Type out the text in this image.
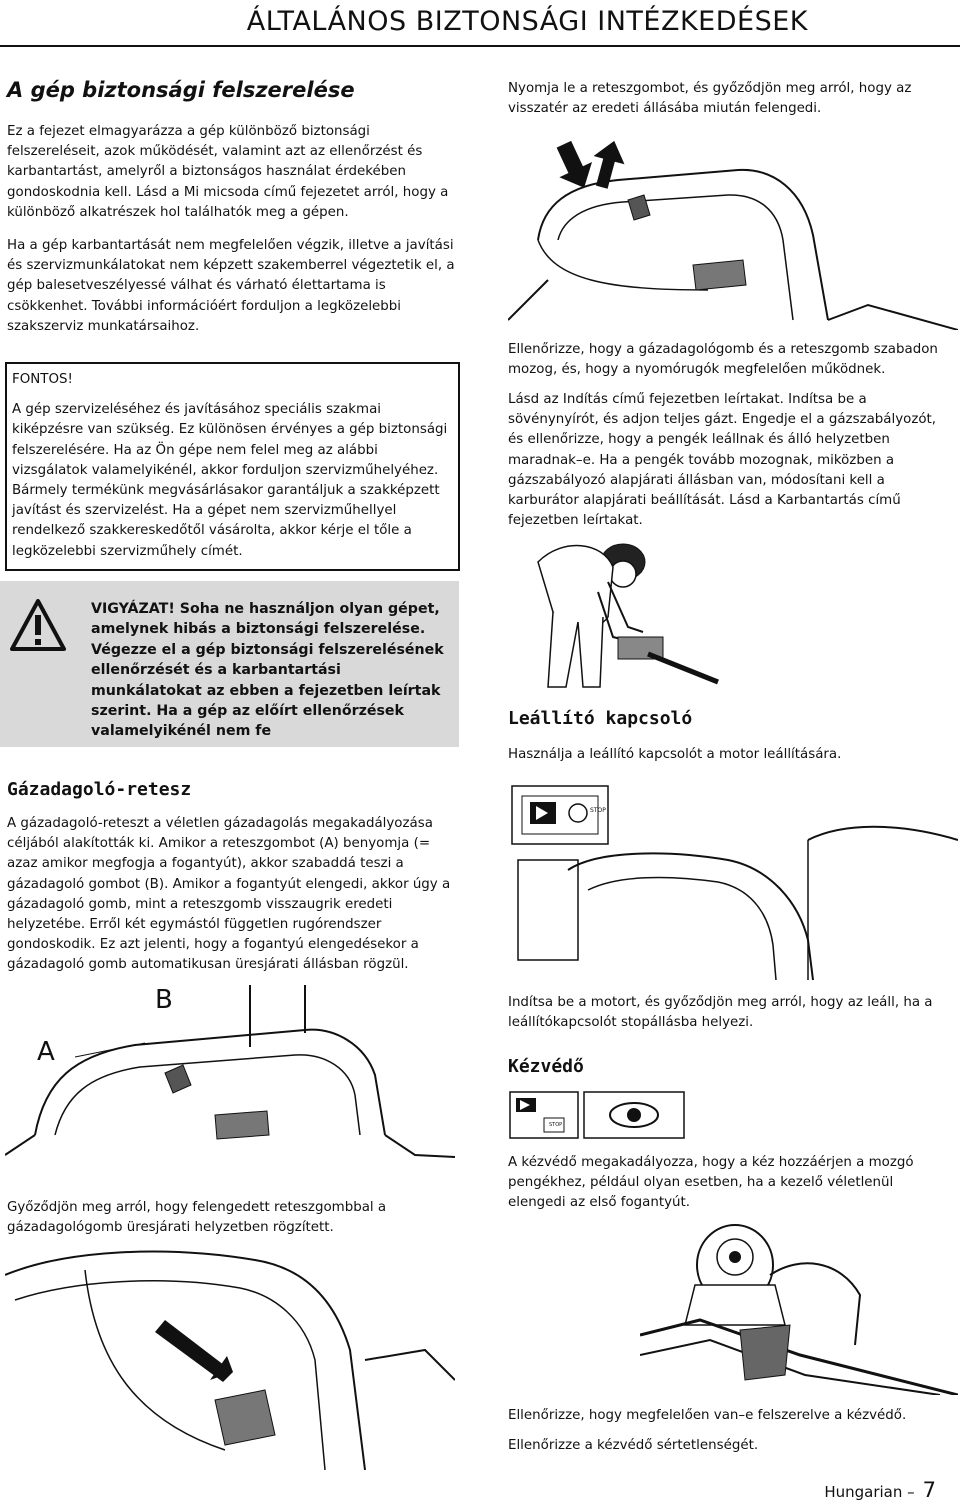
ÁLTALÁNOS BIZTONSÁGI INTÉZKEDÉSEK
A gép biztonsági felszerelése

Ez a fejezet elmagyarázza a gép különböző biztonsági felszereléseit, azok működését, valamint azt az ellenőrzést és karbantartást, amelyről a biztonságos használat érdekében gondoskodnia kell. Lásd a Mi micsoda című fejezetet arról, hogy a különböző alkatrészek hol találhatók meg a gépen.

Ha a gép karbantartását nem megfelelően végzik, illetve a javítási és szervizmunkálatokat nem képzett szakemberrel végeztetik el, a gép balesetveszélyessé válhat és várható élettartama is csökkenhet. További információért forduljon a legközelebbi szakszerviz munkatársaihoz.

FONTOS!

A gép szervizeléséhez és javításához speciális szakmai kiképzésre van szükség. Ez különösen érvényes a gép biztonsági felszerelésére. Ha az Ön gépe nem felel meg az alábbi vizsgálatok valamelyikénél, akkor forduljon szervizműhelyéhez. Bármely termékünk megvásárlásakor garantáljuk a szakképzett javítást és szervizelést. Ha a gépet nem szervizműhellyel rendelkező szakkereskedőtől vásárolta, akkor kérje el tőle a legközelebbi szervizműhely címét.

VIGYÁZAT! Soha ne használjon olyan gépet, amelynek hibás a biztonsági felszerelése. Végezze el a gép biztonsági felszerelésének ellenőrzését és a karbantartási munkálatokat az ebben a fejezetben leírtak szerint. Ha a gép az előírt ellenőrzések valamelyikénél nem fe

Gázadagoló-retesz

A gázadagoló-reteszt a véletlen gázadagolás megakadályozása céljából alakították ki. Amikor a reteszgombot (A) benyomja (= azaz amikor megfogja a fogantyút), akkor szabaddá teszi a gázadagoló gombot (B). Amikor a fogantyút elengedi, akkor úgy a gázadagoló gomb, mint a reteszgomb visszaugrik eredeti helyzetébe. Erről két egymástól független rugórendszer gondoskodik. Ez azt jelenti, hogy a fogantyú elengedésekor a gázadagoló gomb automatikusan üresjárati állásban rögzül.

B
A

Győződjön meg arról, hogy felengedett reteszgombbal a gázadagológomb üresjárati helyzetben rögzített.

Nyomja le a reteszgombot, és győződjön meg arról, hogy az visszatér az eredeti állásába miután felengedi.

Ellenőrizze, hogy a gázadagológomb és a reteszgomb szabadon mozog, és, hogy a nyomórugók megfelelően működnek.

Lásd az Indítás című fejezetben leírtakat. Indítsa be a sövénynyírót, és adjon teljes gázt. Engedje el a gázszabályozót, és ellenőrizze, hogy a pengék leállnak és álló helyzetben maradnak–e. Ha a pengék tovább mozognak, miközben a gázszabályozó alapjárati állásban van, módosítani kell a karburátor alapjárati beállítását. Lásd a Karbantartás című fejezetben leírtakat.

Leállító kapcsoló

Használja a leállító kapcsolót a motor leállítására.

STOP

Indítsa be a motort, és győződjön meg arról, hogy az leáll, ha a leállítókapcsolót stopállásba helyezi.

Kézvédő
STOP

A kézvédő megakadályozza, hogy a kéz hozzáérjen a mozgó pengékhez, például olyan esetben, ha a kezelő véletlenül elengedi az első fogantyút.

Ellenőrizze, hogy megfelelően van–e felszerelve a kézvédő.

Ellenőrizze a kézvédő sértetlenségét.

Hungarian – 7
